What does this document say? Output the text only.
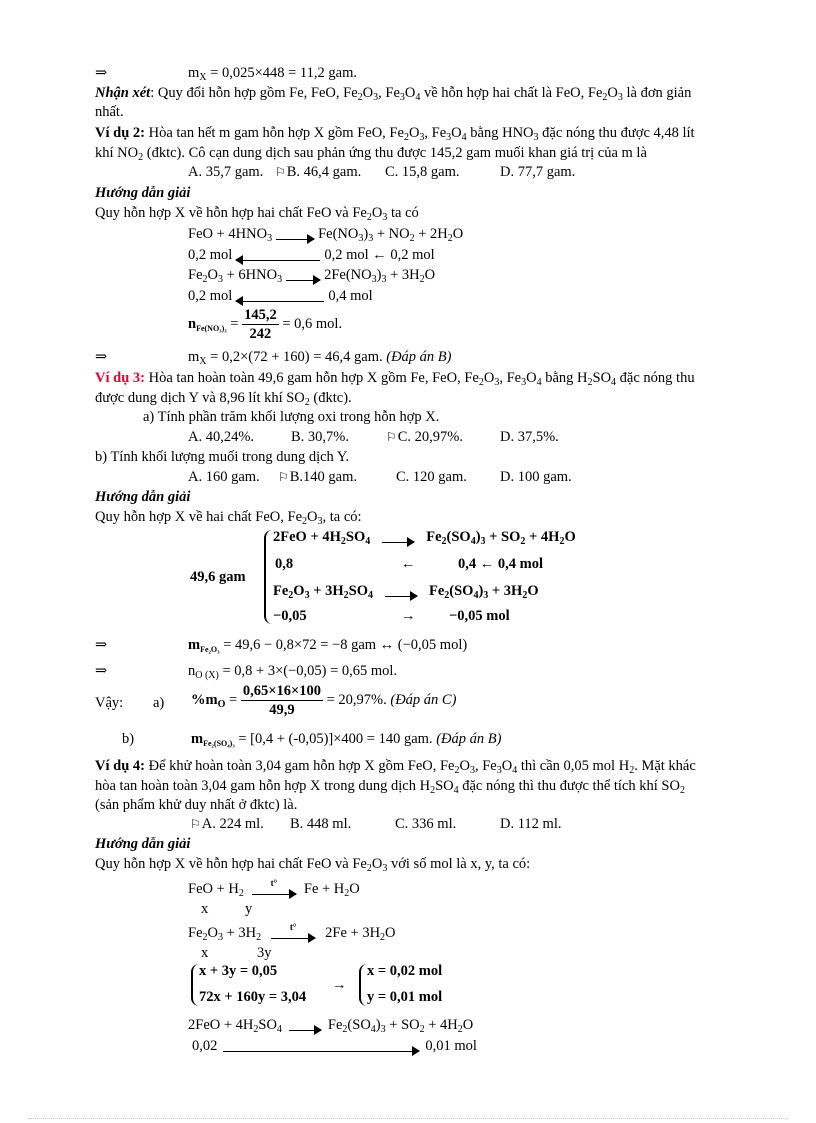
⇒	$m_X = 0,025\times 448 = 11,2$ gam.
Nhận xét: Quy đổi hỗn hợp gồm Fe, FeO, $Fe_2O_3$, $Fe_3O_4$ về hỗn hợp hai chất là FeO, $Fe_2O_3$ là đơn giản
nhất.
Ví dụ 2: Hòa tan hết m gam hỗn hợp X gồm FeO, $Fe_2O_3$, $Fe_3O_4$ bằng $HNO_3$ đặc nóng thu được 4,48 lít
khí $NO_2$ (đktc). Cô cạn dung dịch sau phản ứng thu được 145,2 gam muối khan giá trị của m là
A. 35,7 gam. ⚐B. 46,4 gam. C. 15,8 gam.	D. 77,7 gam.
Hướng dẫn giải
Quy hỗn hợp X về hỗn hợp hai chất FeO và $Fe_2O_3$ ta có
FeO + $4HNO_3$	$Fe(NO_3)_3 + NO_2 + 2H_2O$
0,2 mol	0,2 mol ← 0,2 mol
$Fe_2O_3 + 6HNO_3$	$2Fe(NO_3)_3 + 3H_2O$
0,2 mol	0,4 mol
$n_{Fe(NO_3)_3} = \frac{145,2}{242} = 0,6$ mol.
⇒	$m_X = 0,2\times(72 + 160) = 46,4$ gam. (Đáp án B)
Ví dụ 3: Hòa tan hoàn toàn 49,6 gam hỗn hợp X gồm Fe, FeO, $Fe_2O_3$, $Fe_3O_4$ bằng $H_2SO_4$ đặc nóng thu
được dung dịch Y và 8,96 lít khí $SO_2$ (đktc).
a) Tính phần trăm khối lượng oxi trong hỗn hợp X.
A. 40,24%.	B. 30,7%.	⚐C. 20,97%.	D. 37,5%.
b) Tính khối lượng muối trong dung dịch Y.
A. 160 gam. ⚐B.140 gam.	C. 120 gam. D. 100 gam.
Hướng dẫn giải
Quy hỗn hợp X về hai chất FeO, $Fe_2O_3$, ta có:
49,6 gam
$2FeO + 4H_2SO_4$	$Fe_2(SO_4)_3 + SO_2 + 4H_2O$
0,8	←	0,4 ← 0,4 mol
$Fe_2O_3 + 3H_2SO_4$	$Fe_2(SO_4)_3 + 3H_2O$
−0,05	→ −0,05 mol
⇒	$m_{Fe_2O_3} = 49,6 - 0,8\times 72 = -8$ gam ↔ (−0,05 mol)
⇒	$n_{O (X)} = 0,8 + 3\times(-0,05) = 0,65$ mol.
Vậy: a) $\%m_O = \frac{0,65\times 16\times 100}{49,9} = 20,97\%$. (Đáp án C)
b)	$m_{Fe_2(SO_4)_3} = [0,4 + (-0,05)]\times 400 = 140$ gam. (Đáp án B)
Ví dụ 4: Để khử hoàn toàn 3,04 gam hỗn hợp X gồm FeO, $Fe_2O_3$, $Fe_3O_4$ thì cần 0,05 mol $H_2$. Mặt khác
hòa tan hoàn toàn 3,04 gam hỗn hợp X trong dung dịch $H_2SO_4$ đặc nóng thì thu được thể tích khí $SO_2$
(sản phẩm khử duy nhất ở đktc) là.
⚐A. 224 ml. B. 448 ml.	C. 336 ml.	D. 112 ml.
Hướng dẫn giải
Quy hỗn hợp X về hỗn hợp hai chất FeO và $Fe_2O_3$ với số mol là x, y, ta có:
FeO + $H_2$
t°	$Fe + H_2O$
x	y
$Fe_2O_3 + 3H_2$
t°	$2Fe + 3H_2O$
x	3y
x + 3y = 0,05
72x + 160y = 3,04
→
x = 0,02 mol
y = 0,01 mol
$2FeO + 4H_2SO_4$	$Fe_2(SO_4)_3 + SO_2 + 4H_2O$
0,02	0,01 mol
